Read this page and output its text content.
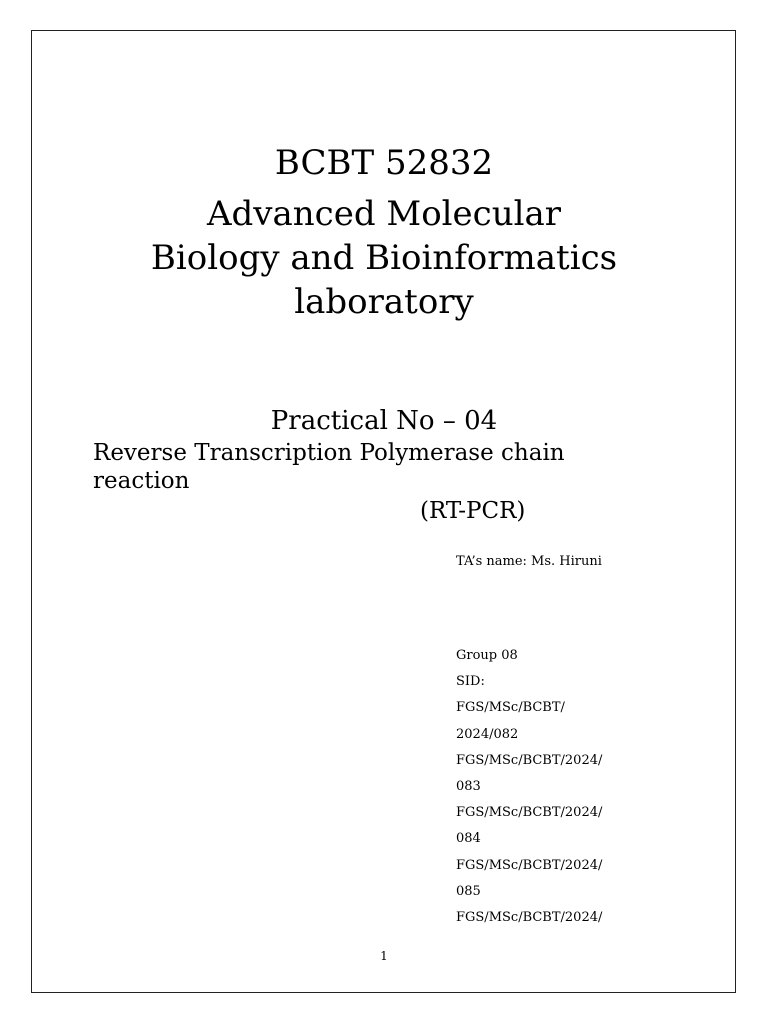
BCBT 52832
Advanced Molecular
Biology and Bioinformatics
laboratory
Practical No – 04
Reverse Transcription Polymerase chain
reaction
(RT-PCR)
TA’s name: Ms. Hiruni
Group 08
SID:
FGS/MSc/BCBT/
2024/082
FGS/MSc/BCBT/2024/
083
FGS/MSc/BCBT/2024/
084
FGS/MSc/BCBT/2024/
085
FGS/MSc/BCBT/2024/
1
